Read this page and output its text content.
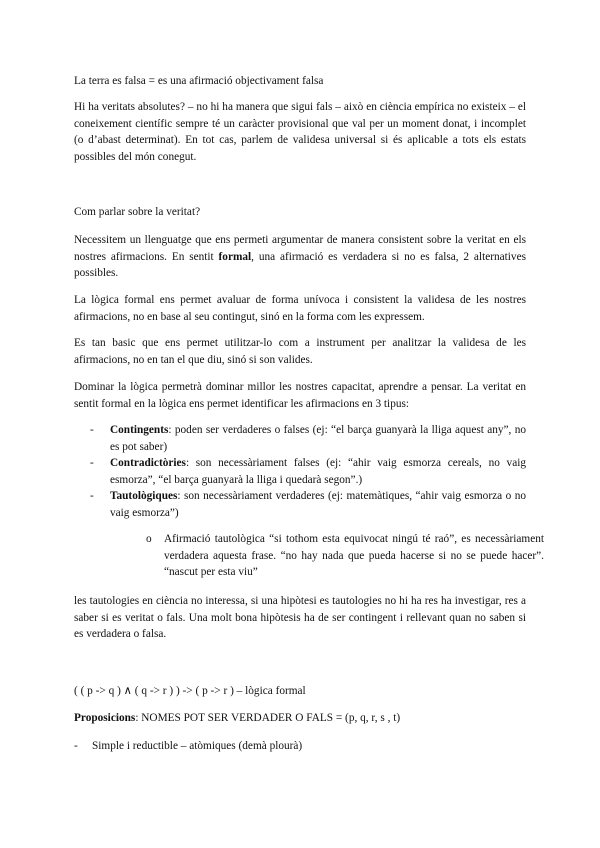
La terra es falsa = es una afirmació objectivament falsa

Hi ha veritats absolutes? – no hi ha manera que sigui fals – això en ciència empírica no existeix – el coneixement científic sempre té un caràcter provisional que val per un moment donat, i incomplet (o d’abast determinat). En tot cas, parlem de validesa universal si és aplicable a tots els estats possibles del món conegut.

Com parlar sobre la veritat?

Necessitem un llenguatge que ens permeti argumentar de manera consistent sobre la veritat en els nostres afirmacions. En sentit formal, una afirmació es verdadera si no es falsa, 2 alternatives possibles.

La lògica formal ens permet avaluar de forma unívoca i consistent la validesa de les nostres afirmacions, no en base al seu contingut, sinó en la forma com les expressem.

Es tan basic que ens permet utilitzar-lo com a instrument per analitzar la validesa de les afirmacions, no en tan el que diu, sinó si son valides.

Dominar la lògica permetrà dominar millor les nostres capacitat, aprendre a pensar. La veritat en sentit formal en la lògica ens permet identificar les afirmacions en 3 tipus:

- Contingents: poden ser verdaderes o falses (ej: “el barça guanyarà la lliga aquest any”, no es pot saber)
- Contradictòries: son necessàriament falses (ej: “ahir vaig esmorza cereals, no vaig esmorza”, “el barça guanyarà la lliga i quedarà segon”.)
- Tautològiques: son necessàriament verdaderes (ej: matemàtiques, “ahir vaig esmorza o no vaig esmorza”)

o Afirmació tautològica “si tothom esta equivocat ningú té raó”, es necessàriament verdadera aquesta frase. “no hay nada que pueda hacerse si no se puede hacer”. “nascut per esta viu”

les tautologies en ciència no interessa, si una hipòtesi es tautologies no hi ha res ha investigar, res a saber si es veritat o fals. Una molt bona hipòtesis ha de ser contingent i rellevant quan no saben si es verdadera o falsa.

( ( p -> q ) ∧ ( q -> r ) ) -> ( p -> r ) – lògica formal

Proposicions: NOMES POT SER VERDADER O FALS = (p, q, r, s , t)

- Simple i reductible – atòmiques (demà plourà)
